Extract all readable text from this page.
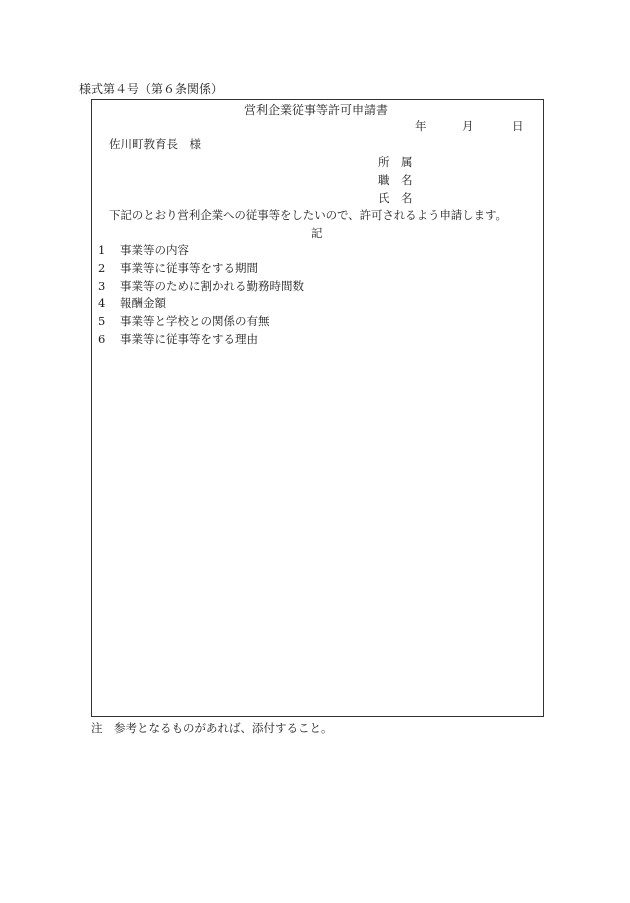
様式第４号（第６条関係）
営利企業従事等許可申請書
年	月	日
佐川町教育長　様
所　属
職　名
氏　名
下記のとおり営利企業への従事等をしたいので、許可されるよう申請します。
記
1 事業等の内容
2 事業等に従事等をする期間
3 事業等のために割かれる勤務時間数
4 報酬金額
5 事業等と学校との関係の有無
6 事業等に従事等をする理由
注　参考となるものがあれば、添付すること。
